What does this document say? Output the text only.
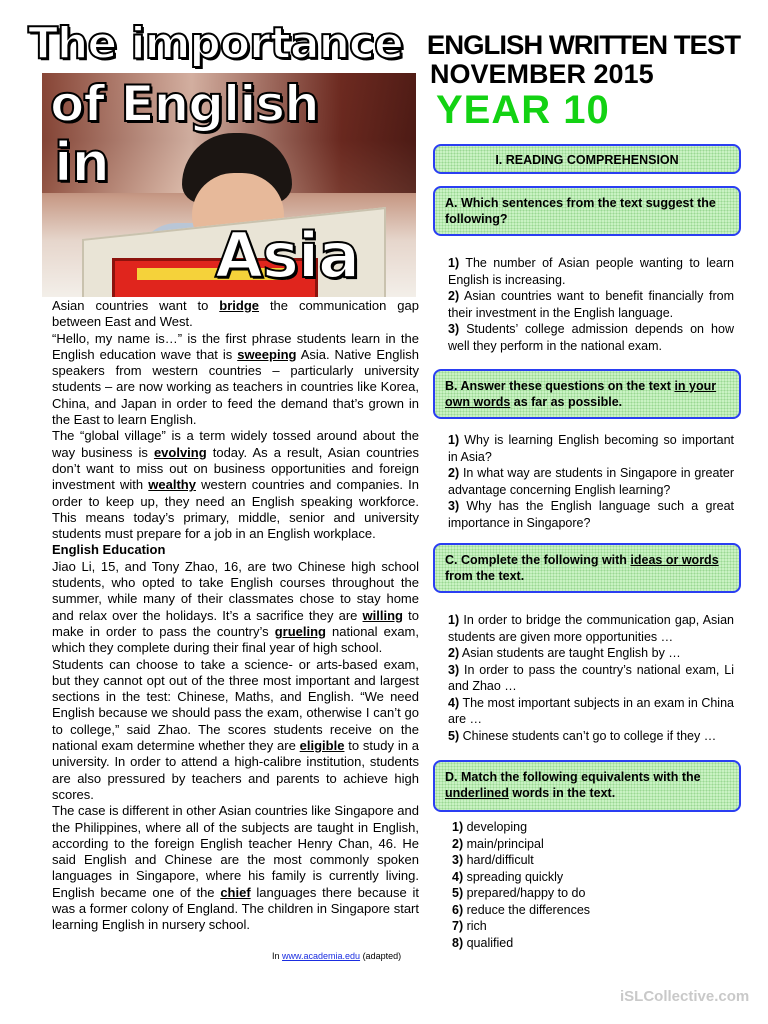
The importance
of English
in
Asia
ENGLISH WRITTEN TEST
NOVEMBER 2015
YEAR 10

Asian countries want to bridge the communication gap between East and West.

“Hello, my name is…” is the first phrase students learn in the English education wave that is sweeping Asia. Native English speakers from western countries – particularly university students – are now working as teachers in countries like Korea, China, and Japan in order to feed the demand that’s grown in the East to learn English.

The “global village” is a term widely tossed around about the way business is evolving today. As a result, Asian countries don’t want to miss out on business opportunities and foreign investment with wealthy western countries and companies. In order to keep up, they need an English speaking workforce. This means today’s primary, middle, senior and university students must prepare for a job in an English workplace.

English Education

Jiao Li, 15, and Tony Zhao, 16, are two Chinese high school students, who opted to take English courses throughout the summer, while many of their classmates chose to stay home and relax over the holidays. It’s a sacrifice they are willing to make in order to pass the country’s grueling national exam, which they complete during their final year of high school.

Students can choose to take a science- or arts-based exam, but they cannot opt out of the three most important and largest sections in the test: Chinese, Maths, and English. “We need English because we should pass the exam, otherwise I can’t go to college,” said Zhao. The scores students receive on the national exam determine whether they are eligible to study in a university. In order to attend a high-calibre institution, students are also pressured by teachers and parents to achieve high scores.

The case is different in other Asian countries like Singapore and the Philippines, where all of the subjects are taught in English, according to the foreign English teacher Henry Chan, 46. He said English and Chinese are the most commonly spoken languages in Singapore, where his family is currently living. English became one of the chief languages there because it was a former colony of England. The children in Singapore start learning English in nursery school.

In www.academia.edu (adapted)
I. READING COMPREHENSION
A. Which sentences from the text suggest the following?

1) The number of Asian people wanting to learn English is increasing.

2) Asian countries want to benefit financially from their investment in the English language.

3) Students’ college admission depends on how well they perform in the national exam.

B. Answer these questions on the text in your own words as far as possible.

1) Why is learning English becoming so important in Asia?

2) In what way are students in Singapore in greater advantage concerning English learning?

3) Why has the English language such a great importance in Singapore?

C. Complete the following with ideas or words from the text.

1) In order to bridge the communication gap, Asian students are given more opportunities …

2) Asian students are taught English by …

3) In order to pass the country’s national exam, Li and Zhao …

4) The most important subjects in an exam in China are …

5) Chinese students can’t go to college if they …

D. Match the following equivalents with the underlined words in the text.

1) developing

2) main/principal

3) hard/difficult

4) spreading quickly

5) prepared/happy to do

6) reduce the differences

7) rich

8) qualified

iSLCollective.com
